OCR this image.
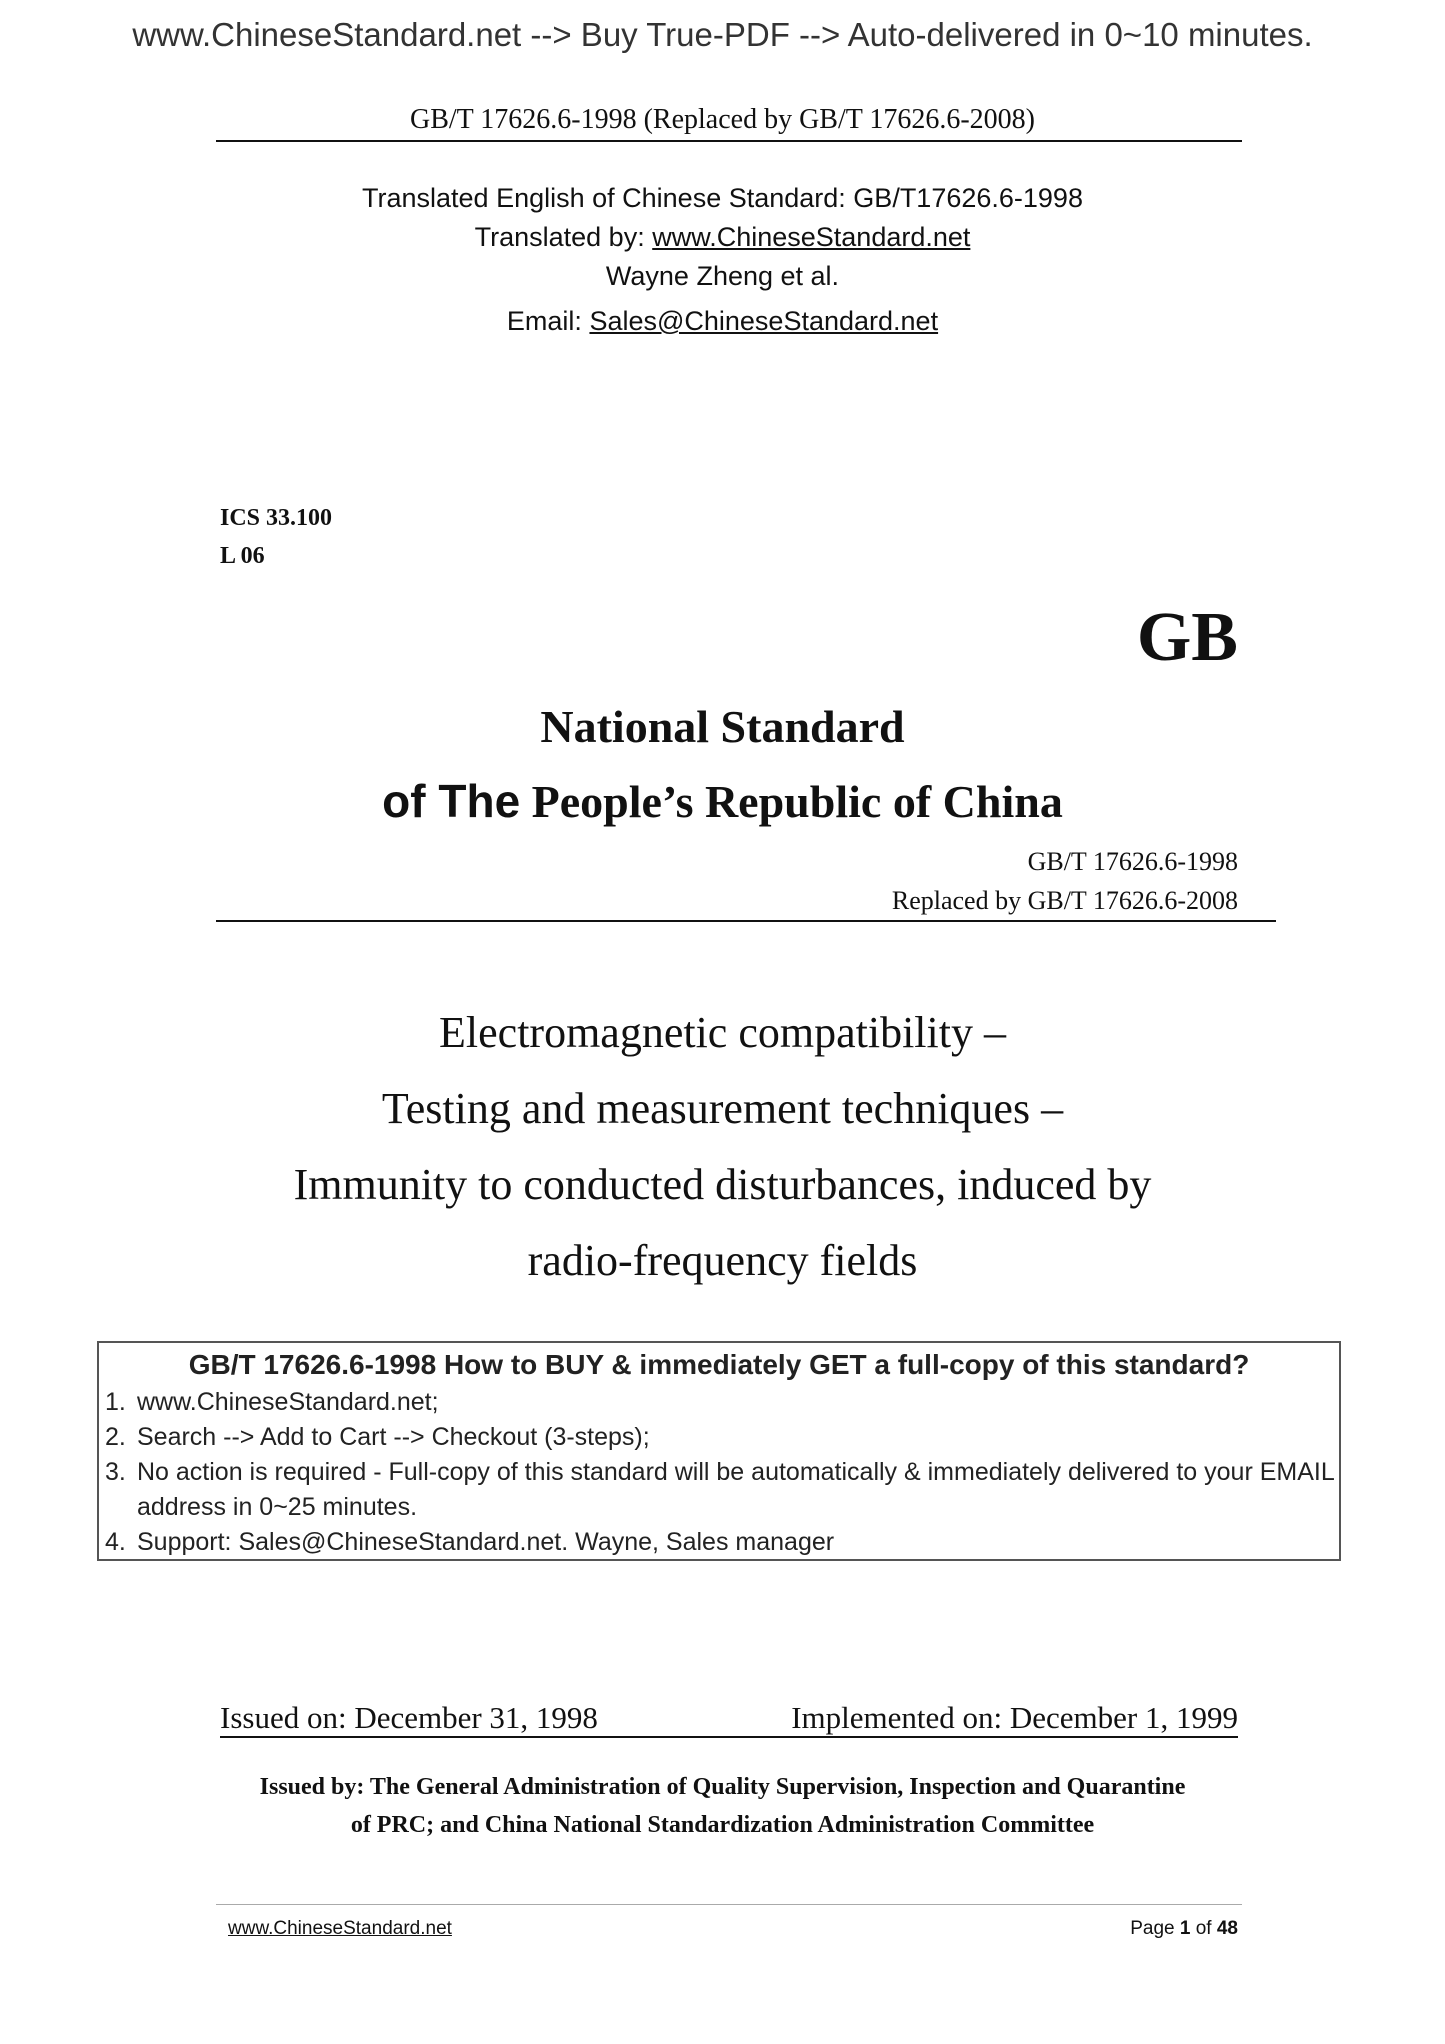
www.ChineseStandard.net --> Buy True-PDF --> Auto-delivered in 0~10 minutes.
GB/T 17626.6-1998 (Replaced by GB/T 17626.6-2008)
Translated English of Chinese Standard: GB/T17626.6-1998
Translated by: www.ChineseStandard.net
Wayne Zheng et al.
Email: Sales@ChineseStandard.net
ICS 33.100
L 06
GB
National Standard
of The People’s Republic of China
GB/T 17626.6-1998
Replaced by GB/T 17626.6-2008
Electromagnetic compatibility –
Testing and measurement techniques –
Immunity to conducted disturbances, induced by
radio-frequency fields
GB/T 17626.6-1998 How to BUY & immediately GET a full-copy of this standard?
1. www.ChineseStandard.net;
2. Search --> Add to Cart --> Checkout (3-steps);
3. No action is required - Full-copy of this standard will be automatically & immediately delivered to your EMAIL address in 0~25 minutes.
4. Support: Sales@ChineseStandard.net. Wayne, Sales manager
Issued on: December 31, 1998	Implemented on: December 1, 1999
Issued by: The General Administration of Quality Supervision, Inspection and Quarantine
of PRC; and China National Standardization Administration Committee
www.ChineseStandard.net	Page 1 of 48
